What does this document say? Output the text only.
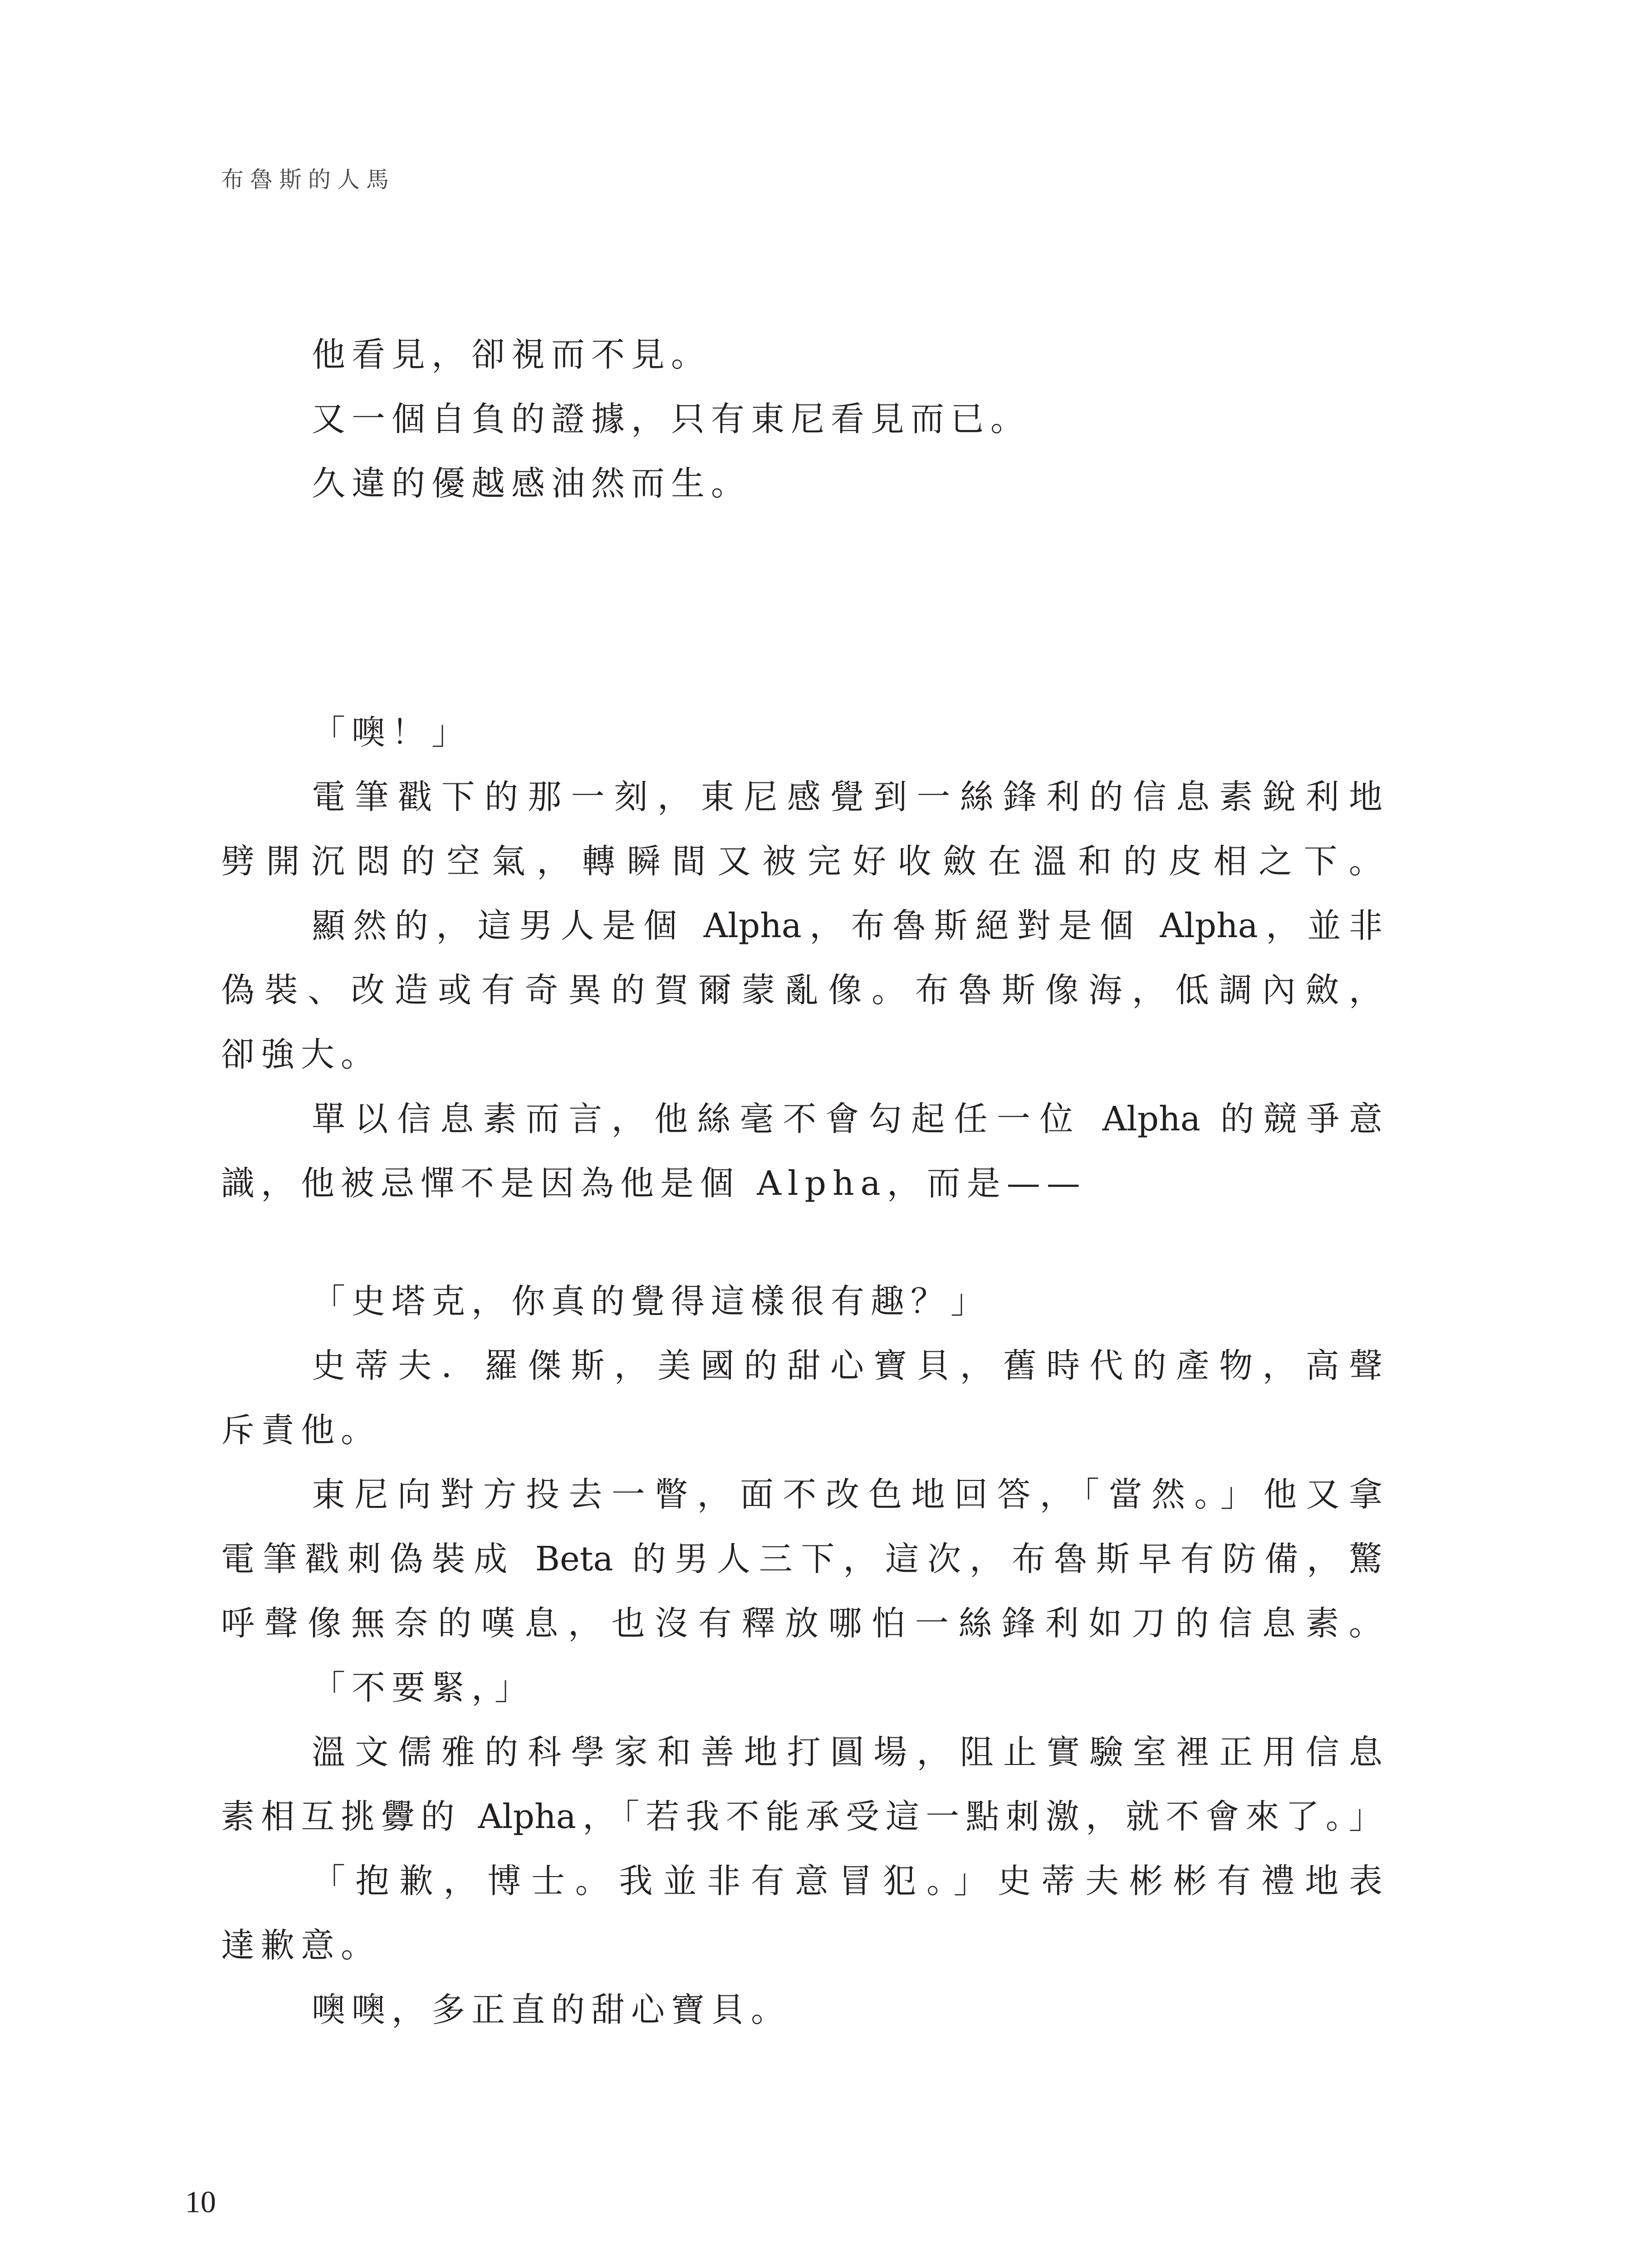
布魯斯的人馬
他看見，卻視而不見。
又一個自負的證據，只有東尼看見而已。
久違的優越感油然而生。
「噢！」
電筆戳下的那一刻，東尼感覺到一絲鋒利的信息素銳利地
劈開沉悶的空氣，轉瞬間又被完好收斂在溫和的皮相之下。
顯然的，這男人是個 Alpha，布魯斯絕對是個 Alpha，並非
偽裝、改造或有奇異的賀爾蒙亂像。布魯斯像海，低調內斂，
卻強大。
單以信息素而言，他絲毫不會勾起任一位 Alpha 的競爭意
識，他被忌憚不是因為他是個 Alpha，而是——
「史塔克，你真的覺得這樣很有趣？」
史蒂夫．羅傑斯，美國的甜心寶貝，舊時代的產物，高聲
斥責他。
東尼向對方投去一瞥，面不改色地回答，「當然。」他又拿
電筆戳刺偽裝成 Beta 的男人三下，這次，布魯斯早有防備，驚
呼聲像無奈的嘆息，也沒有釋放哪怕一絲鋒利如刀的信息素。
「不要緊，」
溫文儒雅的科學家和善地打圓場，阻止實驗室裡正用信息
素相互挑釁的 Alpha，「若我不能承受這一點刺激，就不會來了。」
「抱歉，博士。我並非有意冒犯。」史蒂夫彬彬有禮地表
達歉意。
噢噢，多正直的甜心寶貝。
10
